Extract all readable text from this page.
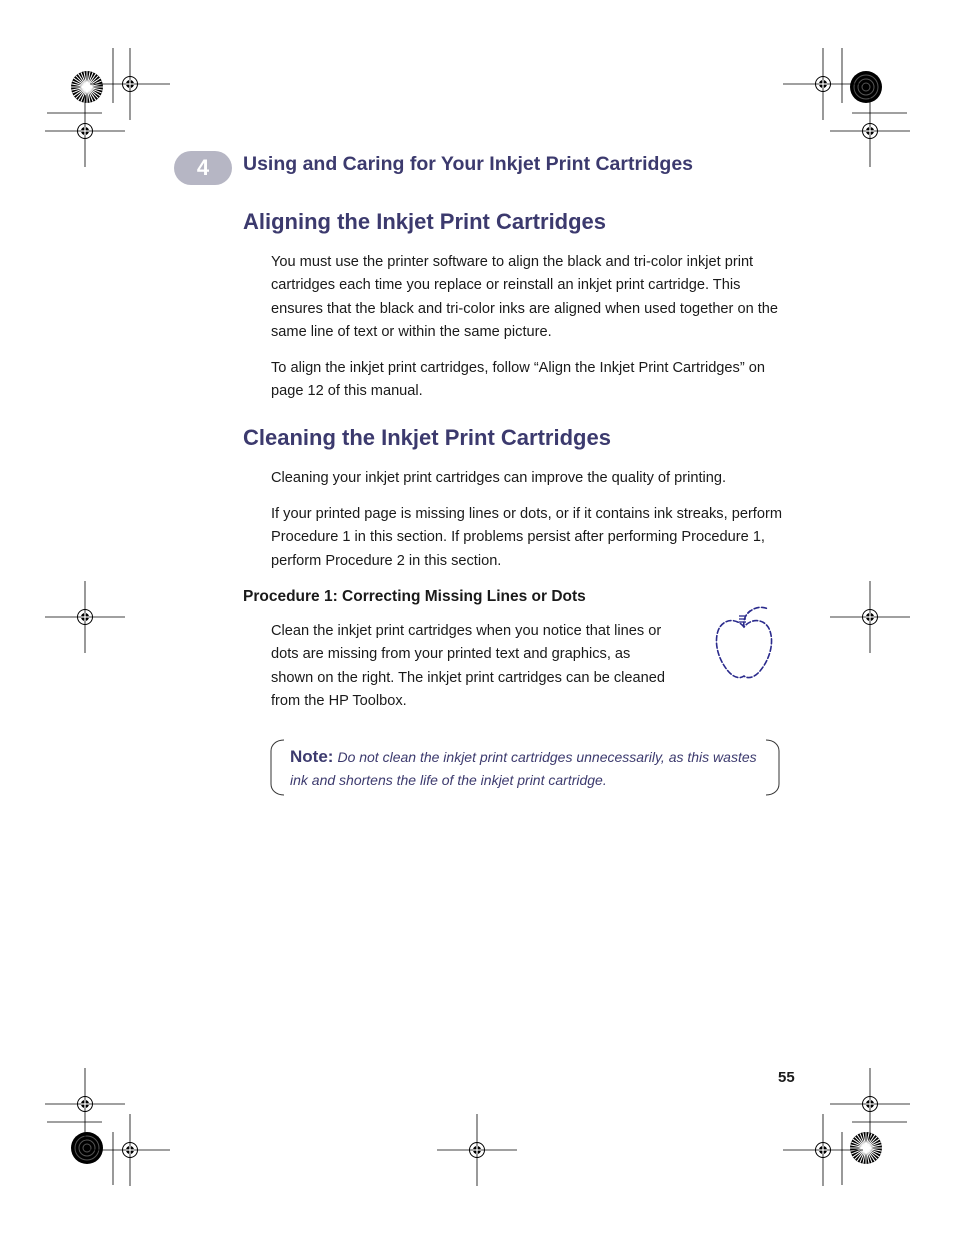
4	Using and Caring for Your Inkjet Print Cartridges
Aligning the Inkjet Print Cartridges

You must use the printer software to align the black and tri-color inkjet print cartridges each time you replace or reinstall an inkjet print cartridge. This ensures that the black and tri-color inks are aligned when used together on the same line of text or within the same picture.

To align the inkjet print cartridges, follow “Align the Inkjet Print Cartridges” on page 12 of this manual.

Cleaning the Inkjet Print Cartridges

Cleaning your inkjet print cartridges can improve the quality of printing.

If your printed page is missing lines or dots, or if it contains ink streaks, perform Procedure 1 in this section. If problems persist after performing Procedure 1, perform Procedure 2 in this section.

Procedure 1: Correcting Missing Lines or Dots

Clean the inkjet print cartridges when you notice that lines or dots are missing from your printed text and graphics, as shown on the right. The inkjet print cartridges can be cleaned from the HP Toolbox.

Note: Do not clean the inkjet print cartridges unnecessarily, as this wastes ink and shortens the life of the inkjet print cartridge.

55
